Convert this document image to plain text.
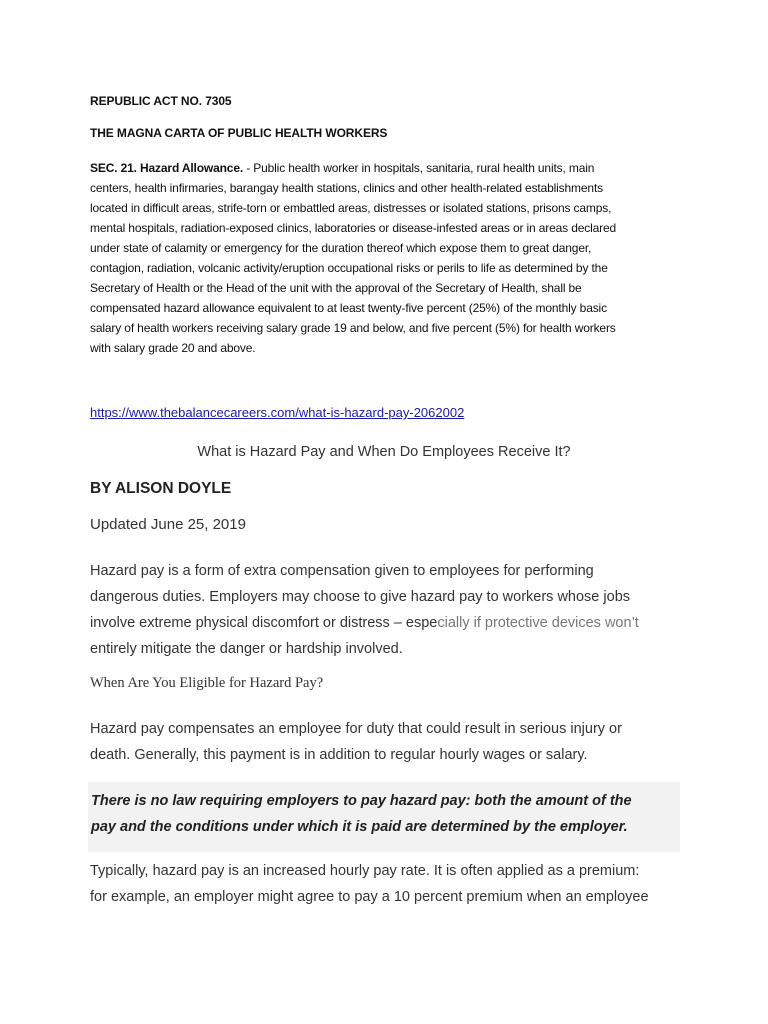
REPUBLIC ACT NO. 7305
THE MAGNA CARTA OF PUBLIC HEALTH WORKERS
SEC. 21. Hazard Allowance. - Public health worker in hospitals, sanitaria, rural health units, main
centers, health infirmaries, barangay health stations, clinics and other health-related establishments
located in difficult areas, strife-torn or embattled areas, distresses or isolated stations, prisons camps,
mental hospitals, radiation-exposed clinics, laboratories or disease-infested areas or in areas declared
under state of calamity or emergency for the duration thereof which expose them to great danger,
contagion, radiation, volcanic activity/eruption occupational risks or perils to life as determined by the
Secretary of Health or the Head of the unit with the approval of the Secretary of Health, shall be
compensated hazard allowance equivalent to at least twenty-five percent (25%) of the monthly basic
salary of health workers receiving salary grade 19 and below, and five percent (5%) for health workers
with salary grade 20 and above.
https://www.thebalancecareers.com/what-is-hazard-pay-2062002
What is Hazard Pay and When Do Employees Receive It?
BY ALISON DOYLE
Updated June 25, 2019
Hazard pay is a form of extra compensation given to employees for performing
dangerous duties. Employers may choose to give hazard pay to workers whose jobs
involve extreme physical discomfort or distress – especially if protective devices won’t
entirely mitigate the danger or hardship involved.
When Are You Eligible for Hazard Pay?
Hazard pay compensates an employee for duty that could result in serious injury or
death. Generally, this payment is in addition to regular hourly wages or salary.
There is no law requiring employers to pay hazard pay: both the amount of the
pay and the conditions under which it is paid are determined by the employer.
Typically, hazard pay is an increased hourly pay rate. It is often applied as a premium:
for example, an employer might agree to pay a 10 percent premium when an employee
